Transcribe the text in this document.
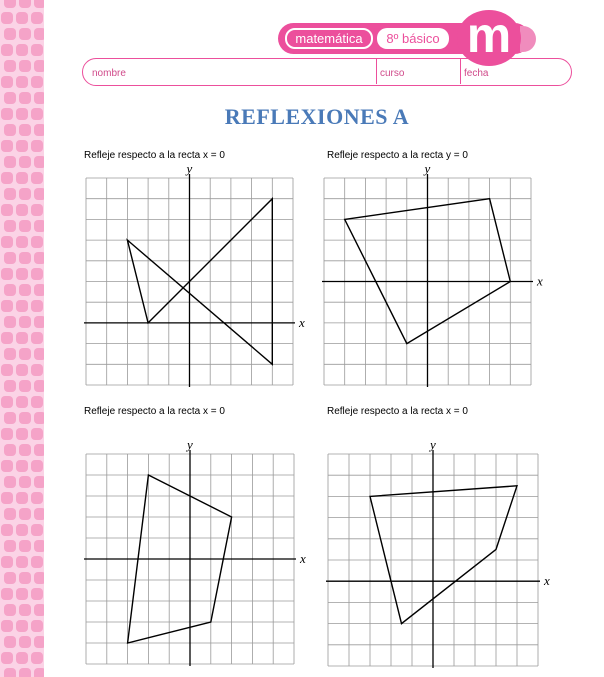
matemática	8º básico m
nombre	curso	fecha
REFLEXIONES A
Refleje respecto a la recta x = 0	Refleje respecto a la recta y = 0
Refleje respecto a la recta x = 0	Refleje respecto a la recta x = 0
x
y
x
y
x
y
x
y
